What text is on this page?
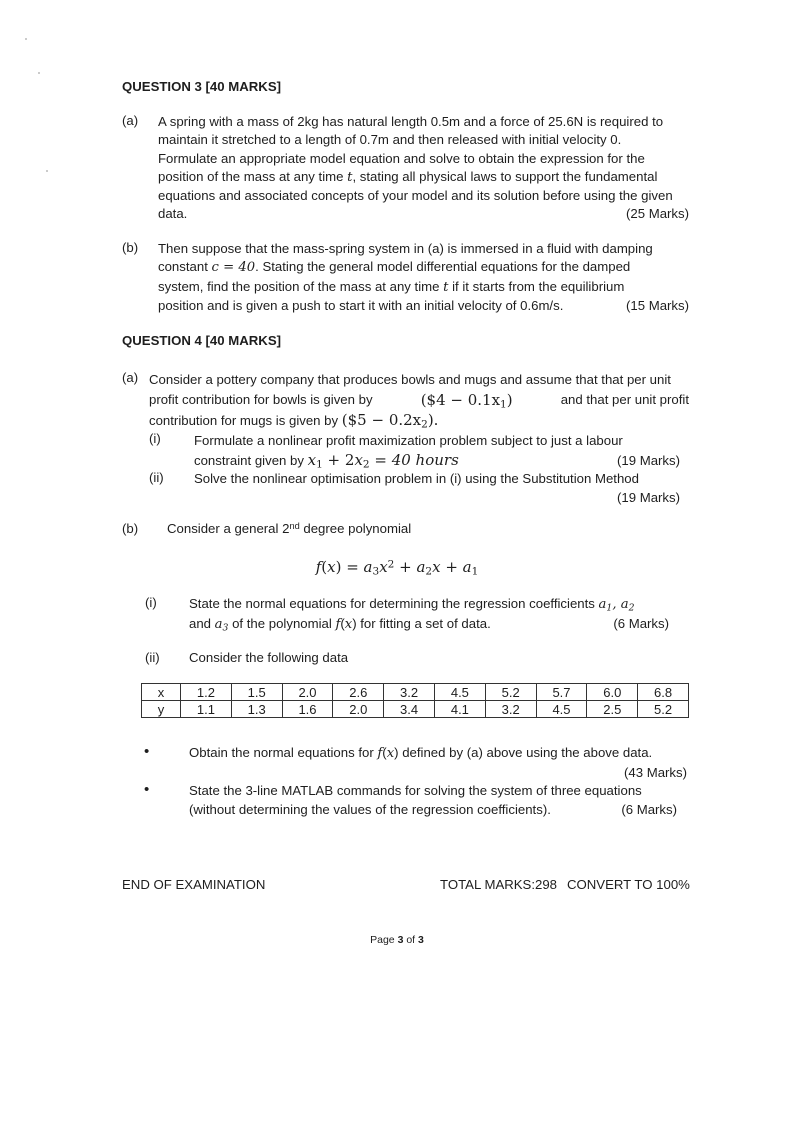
QUESTION 3 [40 MARKS]
(a) A spring with a mass of 2kg has natural length 0.5m and a force of 25.6N is required to
maintain it stretched to a length of 0.7m and then released with initial velocity 0.
Formulate an appropriate model equation and solve to obtain the expression for the
position of the mass at any time t, stating all physical laws to support the fundamental
equations and associated concepts of your model and its solution before using the given
data.	(25 Marks)
(b) Then suppose that the mass-spring system in (a) is immersed in a fluid with damping
constant c = 40. Stating the general model differential equations for the damped
system, find the position of the mass at any time t if it starts from the equilibrium
position and is given a push to start it with an initial velocity of 0.6m/s.	(15 Marks)
QUESTION 4 [40 MARKS]
(a) Consider a pottery company that produces bowls and mugs and assume that that per unit
profit contribution for bowls is given by	($4 − $0.1x_1$)	and that per unit profit
contribution for mugs is given by ($5 − $0.2x_2$).
(i)	Formulate a nonlinear profit maximization problem subject to just a labour
constraint given by $x_1 + 2x_2 = 40$ hours	(19 Marks)
(ii) Solve the nonlinear optimisation problem in (i) using the Substitution Method
(19 Marks)
(b) Consider a general 2nd degree polynomial
$f(x) = a_3x^2 + a_2x + a_1$
(i) State the normal equations for determining the regression coefficients $a_1$, $a_2$
and $a_3$ of the polynomial f(x) for fitting a set of data.	(6 Marks)
(ii) Consider the following data
x	1.2	1.5	2.0	2.6	3.2	4.5	5.2	5.7	6.0	6.8
y	1.1	1.3	1.6	2.0	3.4	4.1	3.2	4.5	2.5	5.2
•	Obtain the normal equations for f(x) defined by (a) above using the above data.
(43 Marks)
•	State the 3-line MATLAB commands for solving the system of three equations
(without determining the values of the regression coefficients).	(6 Marks)
END OF EXAMINATION	TOTAL MARKS:298 CONVERT TO 100%
Page 3 of 3
